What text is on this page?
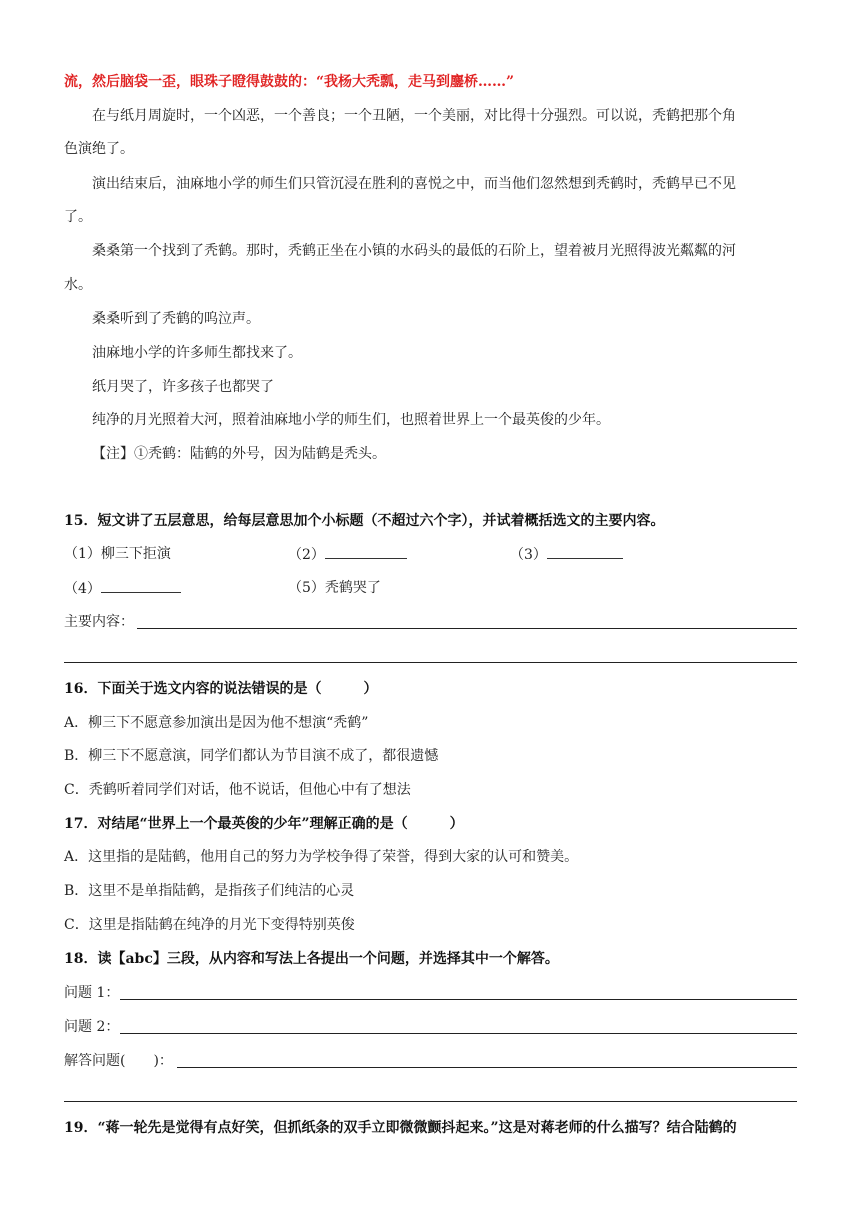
流，然后脑袋一歪，眼珠子瞪得鼓鼓的：“我杨大秃瓢，走马到鏖桥……”
在与纸月周旋时，一个凶恶，一个善良；一个丑陋，一个美丽，对比得十分强烈。可以说，秃鹤把那个角
色演绝了。
演出结束后，油麻地小学的师生们只管沉浸在胜利的喜悦之中，而当他们忽然想到秃鹤时，秃鹤早已不见
了。
桑桑第一个找到了秃鹤。那时，秃鹤正坐在小镇的水码头的最低的石阶上，望着被月光照得波光粼粼的河
水。
桑桑听到了秃鹤的呜泣声。
油麻地小学的许多师生都找来了。
纸月哭了，许多孩子也都哭了
纯净的月光照着大河，照着油麻地小学的师生们，也照着世界上一个最英俊的少年。
【注】①秃鹤：陆鹤的外号，因为陆鹤是秃头。
15．短文讲了五层意思，给每层意思加个小标题（不超过六个字），并试着概括选文的主要内容。
（1）柳三下拒演	（2）	（3）
（4）	（5）秃鹤哭了
主要内容：
16．下面关于选文内容的说法错误的是（　　　）
A．柳三下不愿意参加演出是因为他不想演“秃鹤”
B．柳三下不愿意演，同学们都认为节目演不成了，都很遗憾
C．秃鹤听着同学们对话，他不说话，但他心中有了想法
17．对结尾“世界上一个最英俊的少年”理解正确的是（　　　）
A．这里指的是陆鹤，他用自己的努力为学校争得了荣誉，得到大家的认可和赞美。
B．这里不是单指陆鹤，是指孩子们纯洁的心灵
C．这里是指陆鹤在纯净的月光下变得特别英俊
18．读【abc】三段，从内容和写法上各提出一个问题，并选择其中一个解答。
问题 1：
问题 2：
解答问题(　　)：
19．“蒋一轮先是觉得有点好笑，但抓纸条的双手立即微微颤抖起来。”这是对蒋老师的什么描写？结合陆鹤的
